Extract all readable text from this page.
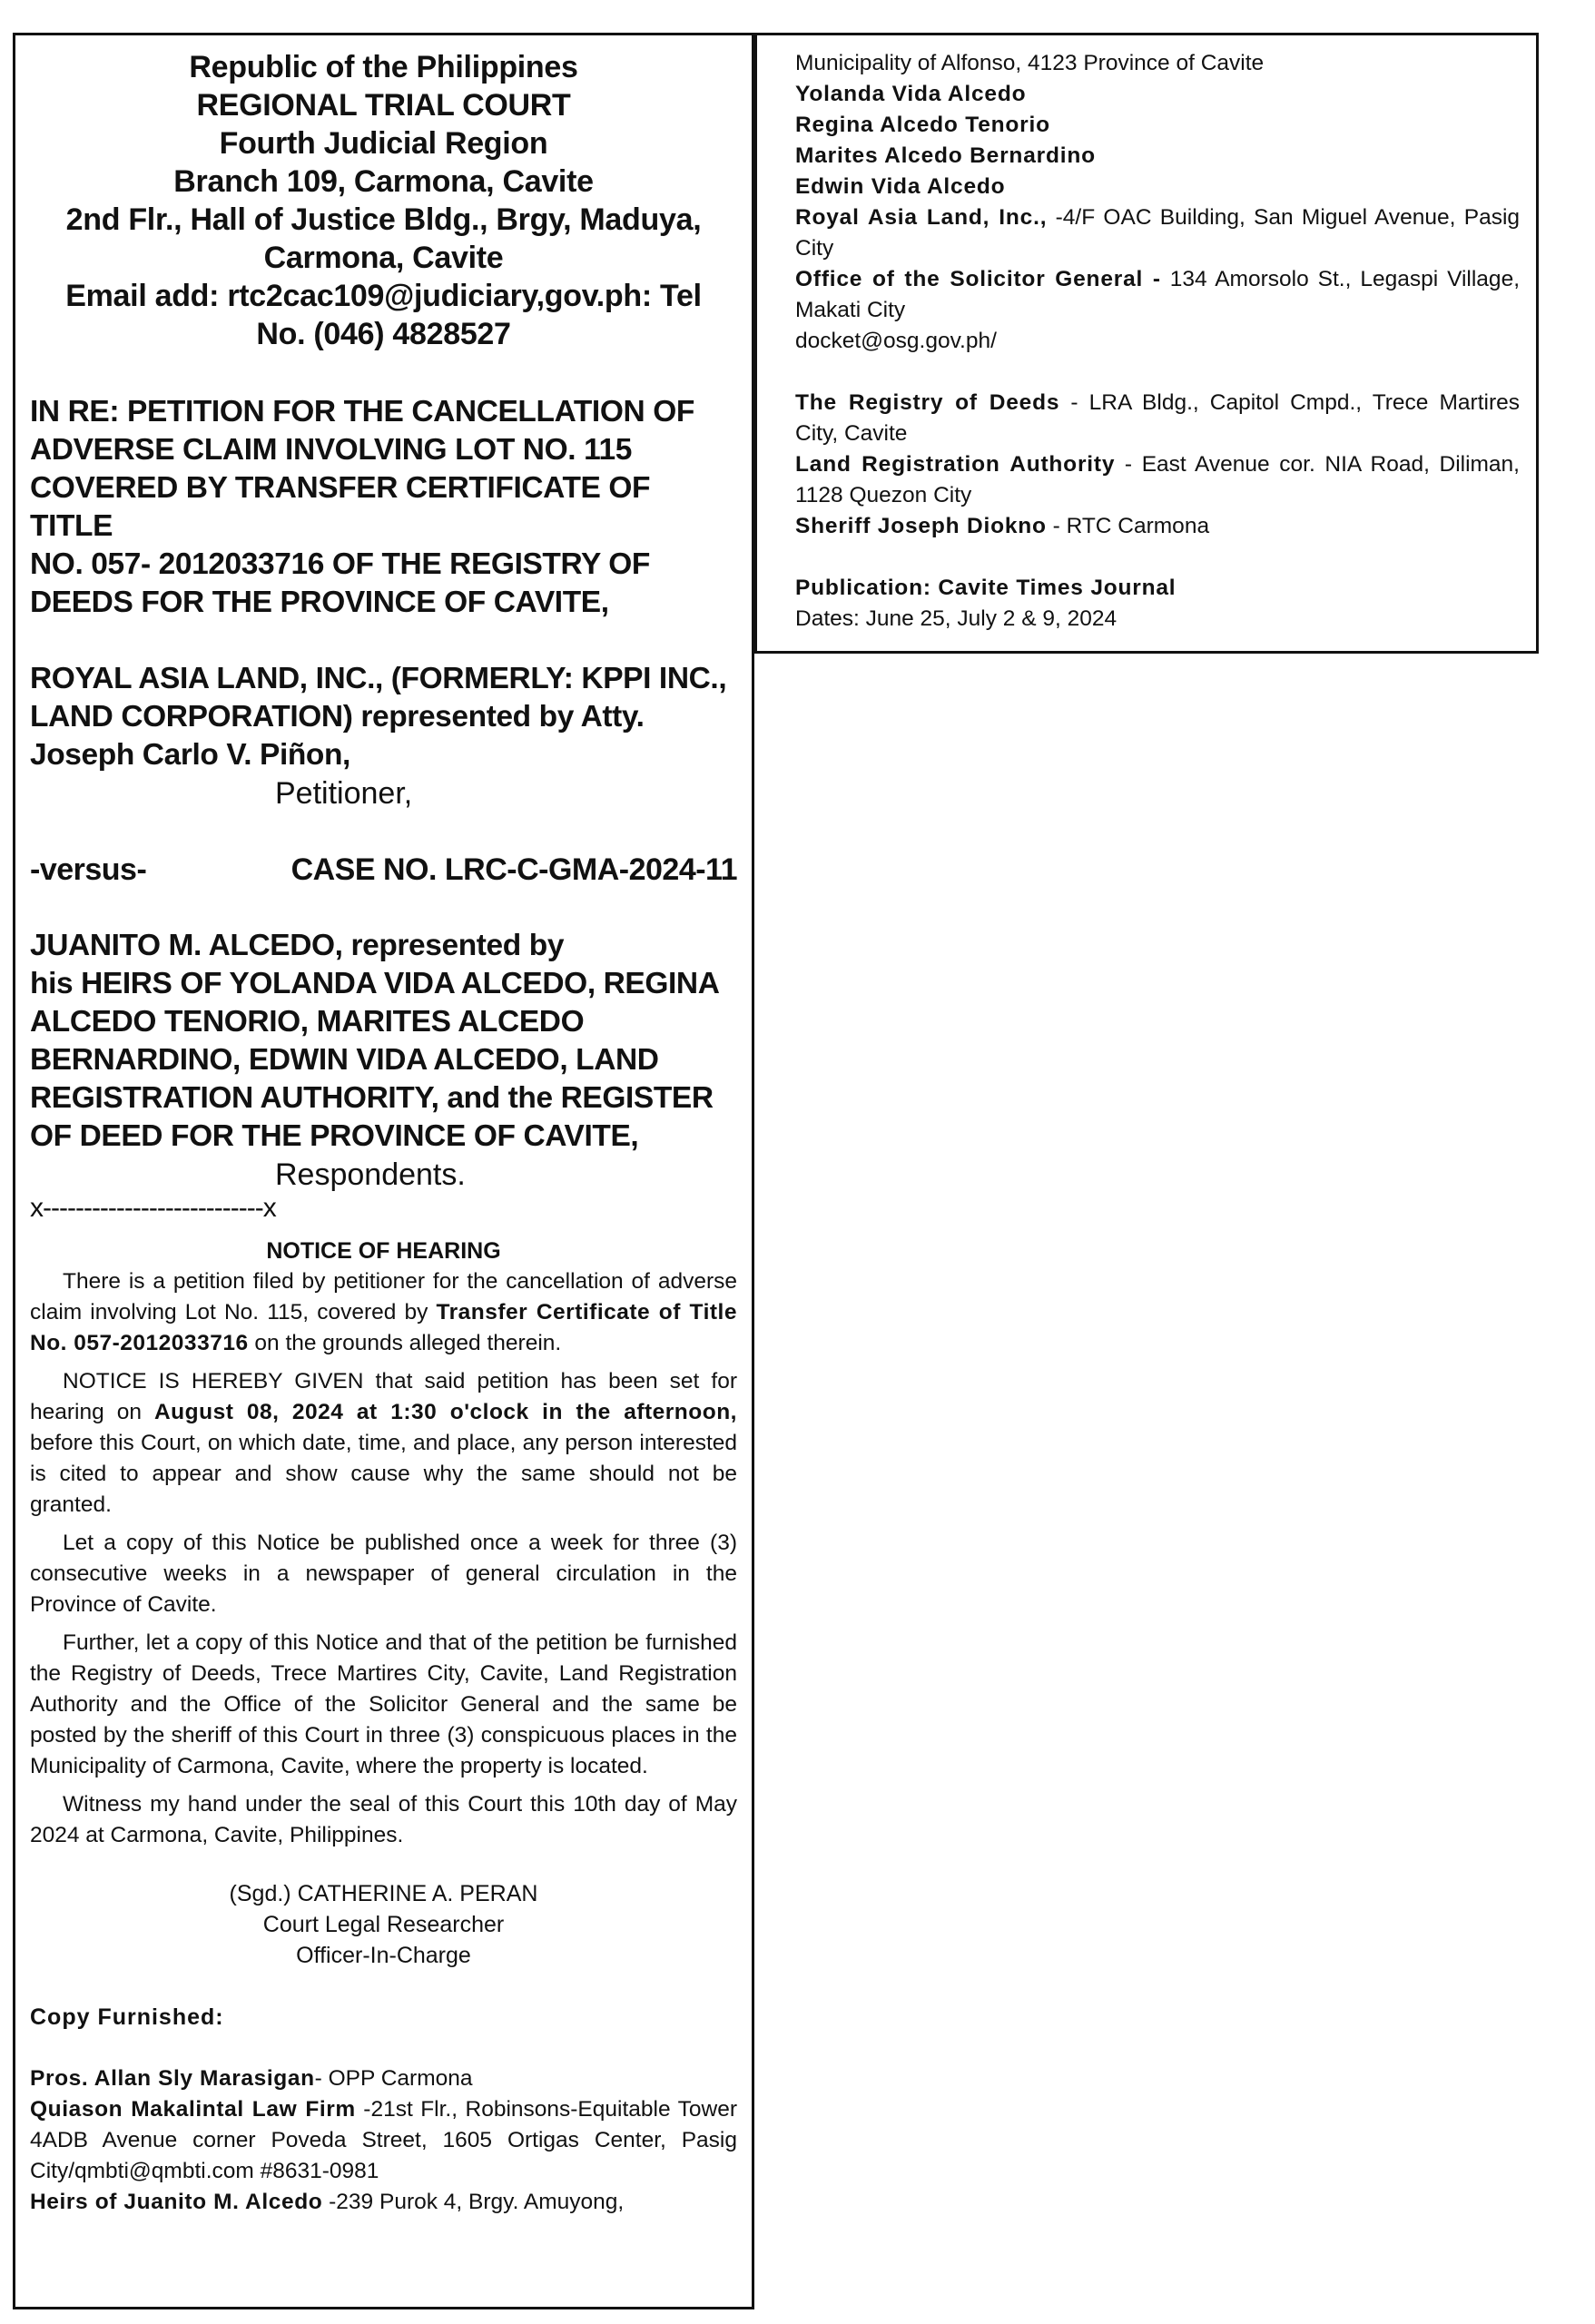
Republic of the Philippines
REGIONAL TRIAL COURT
Fourth Judicial Region
Branch 109, Carmona, Cavite
2nd Flr., Hall of Justice Bldg., Brgy, Maduya,
Carmona, Cavite
Email add: rtc2cac109@judiciary,gov.ph: Tel
No. (046) 4828527
IN RE: PETITION FOR THE CANCELLATION OF
ADVERSE CLAIM INVOLVING LOT NO. 115
COVERED BY TRANSFER CERTIFICATE OF TITLE
NO. 057- 2012033716 OF THE REGISTRY OF
DEEDS FOR THE PROVINCE OF CAVITE,
ROYAL ASIA LAND, INC., (FORMERLY: KPPI INC.,
LAND CORPORATION) represented by Atty.
Joseph Carlo V. Piñon,
Petitioner,
-versus-	CASE NO. LRC-C-GMA-2024-11
JUANITO M. ALCEDO, represented by
his HEIRS OF YOLANDA VIDA ALCEDO, REGINA
ALCEDO TENORIO, MARITES ALCEDO
BERNARDINO, EDWIN VIDA ALCEDO, LAND
REGISTRATION AUTHORITY, and the REGISTER
OF DEED FOR THE PROVINCE OF CAVITE,
Respondents.
x---------------------------x
NOTICE OF HEARING

There is a petition filed by petitioner for the cancellation of adverse claim involving Lot No. 115, covered by Transfer Certificate of Title No. 057-2012033716 on the grounds alleged therein.

NOTICE IS HEREBY GIVEN that said petition has been set for hearing on August 08, 2024 at 1:30 o'clock in the afternoon, before this Court, on which date, time, and place, any person interested is cited to appear and show cause why the same should not be granted.

Let a copy of this Notice be published once a week for three (3) consecutive weeks in a newspaper of general circulation in the Province of Cavite.

Further, let a copy of this Notice and that of the petition be furnished the Registry of Deeds, Trece Martires City, Cavite, Land Registration Authority and the Office of the Solicitor General and the same be posted by the sheriff of this Court in three (3) conspicuous places in the Municipality of Carmona, Cavite, where the property is located.

Witness my hand under the seal of this Court this 10th day of May 2024 at Carmona, Cavite, Philippines.

(Sgd.) CATHERINE A. PERAN
Court Legal Researcher
Officer-In-Charge
Copy Furnished:

Pros. Allan Sly Marasigan- OPP Carmona

Quiason Makalintal Law Firm -21st Flr., Robinsons-Equitable Tower 4ADB Avenue corner Poveda Street, 1605 Ortigas Center, Pasig City/qmbti@qmbti.com #8631-0981

Heirs of Juanito M. Alcedo -239 Purok 4, Brgy. Amuyong,

Municipality of Alfonso, 4123 Province of Cavite

Yolanda Vida Alcedo

Regina Alcedo Tenorio

Marites Alcedo Bernardino

Edwin Vida Alcedo

Royal Asia Land, Inc., -4/F OAC Building, San Miguel Avenue, Pasig City

Office of the Solicitor General - 134 Amorsolo St., Legaspi Village, Makati City

docket@osg.gov.ph/

The Registry of Deeds - LRA Bldg., Capitol Cmpd., Trece Martires City, Cavite

Land Registration Authority - East Avenue cor. NIA Road, Diliman, 1128 Quezon City

Sheriff Joseph Diokno - RTC Carmona

Publication: Cavite Times Journal

Dates: June 25, July 2 & 9, 2024
